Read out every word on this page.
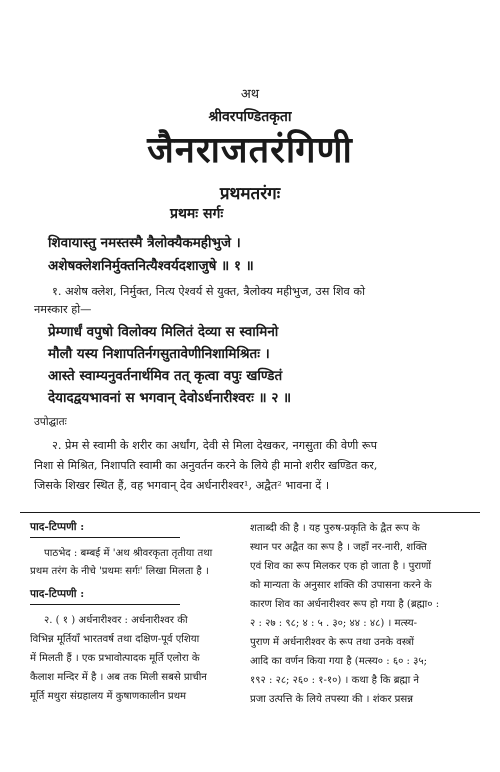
अथ
श्रीवरपण्डितकृता
जैनराजतरंगिणी
प्रथमतरंगः
प्रथमः सर्गः
शिवायास्तु नमस्तस्मै त्रैलोक्यैकमहीभुजे ।
अशेषक्लेशनिर्मुक्तनित्यैश्वर्यदशाजुषे ॥ १ ॥
१. अशेष क्लेश, निर्मुक्त, नित्य ऐश्वर्य से युक्त, त्रैलोक्य महीभुज, उस शिव को
नमस्कार हो—
प्रेम्णार्धं वपुषो विलोक्य मिलितं देव्या स स्वामिनो
मौलौ यस्य निशापतिर्नगसुतावेणीनिशामिश्रितः ।
आस्ते स्वाम्यनुवर्तनार्थमिव तत् कृत्वा वपुः खण्डितं
देयादद्वयभावनां स भगवान् देवोऽर्धनारीश्वरः ॥ २ ॥
उपोद्घातः
२. प्रेम से स्वामी के शरीर का अर्धांग, देवी से मिला देखकर, नगसुता की वेणी रूप
निशा से मिश्रित, निशापति स्वामी का अनुवर्तन करने के लिये ही मानो शरीर खण्डित कर,
जिसके शिखर स्थित हैं, वह भगवान् देव अर्धनारीश्वर¹, अद्वैत² भावना दें ।
पाद-टिप्पणी :
पाठभेद : बम्बई में 'अथ श्रीवरकृता तृतीया तथा
प्रथम तरंग के नीचे 'प्रथमः सर्गः' लिखा मिलता है ।
पाद-टिप्पणी :
२. ( १ ) अर्धनारीश्वर : अर्धनारीश्वर की
विभिन्न मूर्तियाँ भारतवर्ष तथा दक्षिण-पूर्व एशिया
में मिलती हैं । एक प्रभावोत्पादक मूर्ति एलोरा के
कैलाश मन्दिर में है । अब तक मिली सबसे प्राचीन
मूर्ति मथुरा संग्रहालय में कुषाणकालीन प्रथम
शताब्दी की है । यह पुरुष-प्रकृति के द्वैत रूप के
स्थान पर अद्वैत का रूप है । जहाँ नर-नारी, शक्ति
एवं शिव का रूप मिलकर एक हो जाता है । पुराणों
को मान्यता के अनुसार शक्ति की उपासना करने के
कारण शिव का अर्धनारीश्वर रूप हो गया है (ब्रह्मा० :
२ : २७ : ९८; ४ : ५ . ३०; ४४ : ४८) । मत्स्य-
पुराण में अर्धनारीश्वर के रूप तथा उनके वस्त्रों
आदि का वर्णन किया गया है (मत्स्य० : ६० : ३५;
१९२ : २८; २६० : १-१०) । कथा है कि ब्रह्मा ने
प्रजा उत्पत्ति के लिये तपस्या की । शंकर प्रसन्न
